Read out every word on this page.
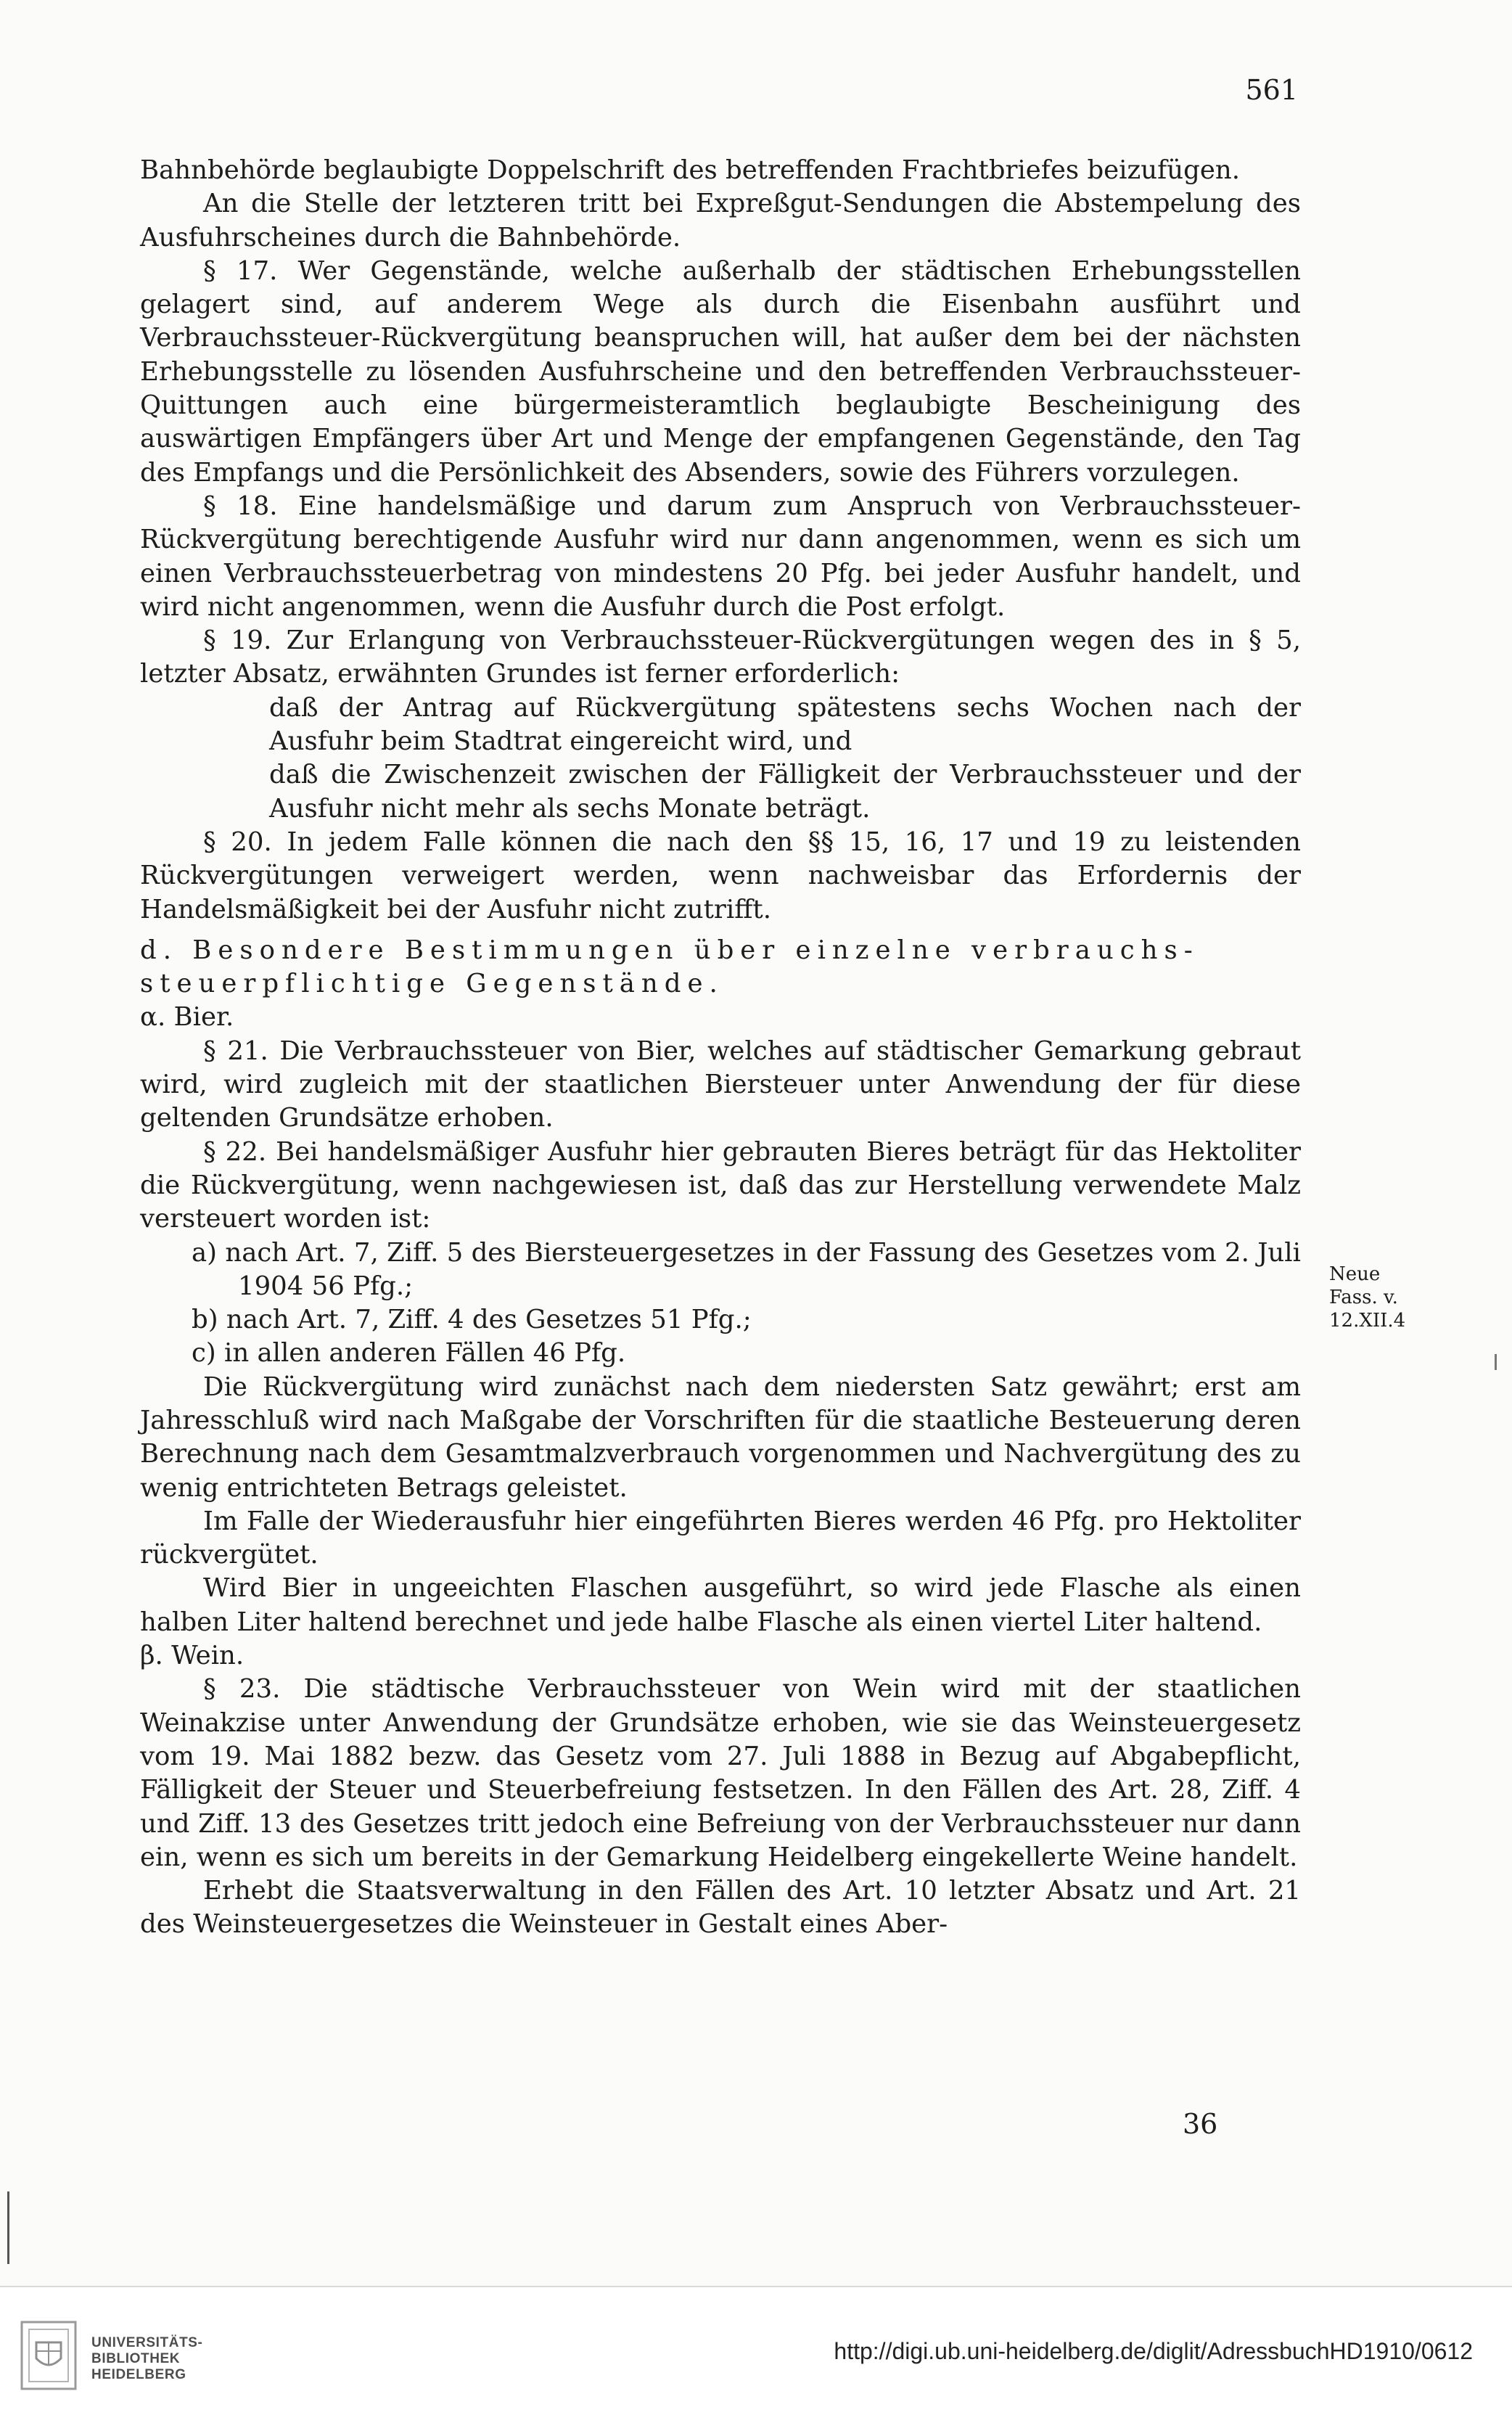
561

Bahnbehörde beglaubigte Doppelschrift des betreffenden Frachtbriefes beizufügen.

An die Stelle der letzteren tritt bei Expreßgut-Sendungen die Abstempelung des Ausfuhrscheines durch die Bahnbehörde.

§ 17. Wer Gegenstände, welche außerhalb der städtischen Erhebungsstellen gelagert sind, auf anderem Wege als durch die Eisenbahn ausführt und Verbrauchssteuer-Rückvergütung beanspruchen will, hat außer dem bei der nächsten Erhebungsstelle zu lösenden Ausfuhrscheine und den betreffenden Verbrauchssteuer-Quittungen auch eine bürgermeisteramtlich beglaubigte Bescheinigung des auswärtigen Empfängers über Art und Menge der empfangenen Gegenstände, den Tag des Empfangs und die Persönlichkeit des Absenders, sowie des Führers vorzulegen.

§ 18. Eine handelsmäßige und darum zum Anspruch von Verbrauchssteuer-Rückvergütung berechtigende Ausfuhr wird nur dann angenommen, wenn es sich um einen Verbrauchssteuerbetrag von mindestens 20 Pfg. bei jeder Ausfuhr handelt, und wird nicht angenommen, wenn die Ausfuhr durch die Post erfolgt.

§ 19. Zur Erlangung von Verbrauchssteuer-Rückvergütungen wegen des in § 5, letzter Absatz, erwähnten Grundes ist ferner erforderlich:

daß der Antrag auf Rückvergütung spätestens sechs Wochen nach der Ausfuhr beim Stadtrat eingereicht wird, und

daß die Zwischenzeit zwischen der Fälligkeit der Verbrauchssteuer und der Ausfuhr nicht mehr als sechs Monate beträgt.

§ 20. In jedem Falle können die nach den §§ 15, 16, 17 und 19 zu leistenden Rückvergütungen verweigert werden, wenn nachweisbar das Erfordernis der Handelsmäßigkeit bei der Ausfuhr nicht zutrifft.

d. Besondere Bestimmungen über einzelne verbrauchs-

steuerpflichtige Gegenstände.

α. Bier.

§ 21. Die Verbrauchssteuer von Bier, welches auf städtischer Gemarkung gebraut wird, wird zugleich mit der staatlichen Biersteuer unter Anwendung der für diese geltenden Grundsätze erhoben.

§ 22. Bei handelsmäßiger Ausfuhr hier gebrauten Bieres beträgt für das Hektoliter die Rückvergütung, wenn nachgewiesen ist, daß das zur Herstellung verwendete Malz versteuert worden ist:

a) nach Art. 7, Ziff. 5 des Biersteuergesetzes in der Fassung des Gesetzes vom 2. Juli 1904 56 Pfg.;

b) nach Art. 7, Ziff. 4 des Gesetzes 51 Pfg.;

c) in allen anderen Fällen 46 Pfg.

Die Rückvergütung wird zunächst nach dem niedersten Satz gewährt; erst am Jahresschluß wird nach Maßgabe der Vorschriften für die staatliche Besteuerung deren Berechnung nach dem Gesamtmalzverbrauch vorgenommen und Nachvergütung des zu wenig entrichteten Betrags geleistet.

Im Falle der Wiederausfuhr hier eingeführten Bieres werden 46 Pfg. pro Hektoliter rückvergütet.

Wird Bier in ungeeichten Flaschen ausgeführt, so wird jede Flasche als einen halben Liter haltend berechnet und jede halbe Flasche als einen viertel Liter haltend.

β. Wein.

§ 23. Die städtische Verbrauchssteuer von Wein wird mit der staatlichen Weinakzise unter Anwendung der Grundsätze erhoben, wie sie das Weinsteuergesetz vom 19. Mai 1882 bezw. das Gesetz vom 27. Juli 1888 in Bezug auf Abgabepflicht, Fälligkeit der Steuer und Steuerbefreiung festsetzen. In den Fällen des Art. 28, Ziff. 4 und Ziff. 13 des Gesetzes tritt jedoch eine Befreiung von der Verbrauchssteuer nur dann ein, wenn es sich um bereits in der Gemarkung Heidelberg eingekellerte Weine handelt.

Erhebt die Staatsverwaltung in den Fällen des Art. 10 letzter Absatz und Art. 21 des Weinsteuergesetzes die Weinsteuer in Gestalt eines Aber-

Neue
Fass. v.
12.XII.4
36
UNIVERSITÄTS-
BIBLIOTHEK
HEIDELBERG
http://digi.ub.uni-heidelberg.de/diglit/AdressbuchHD1910/0612
